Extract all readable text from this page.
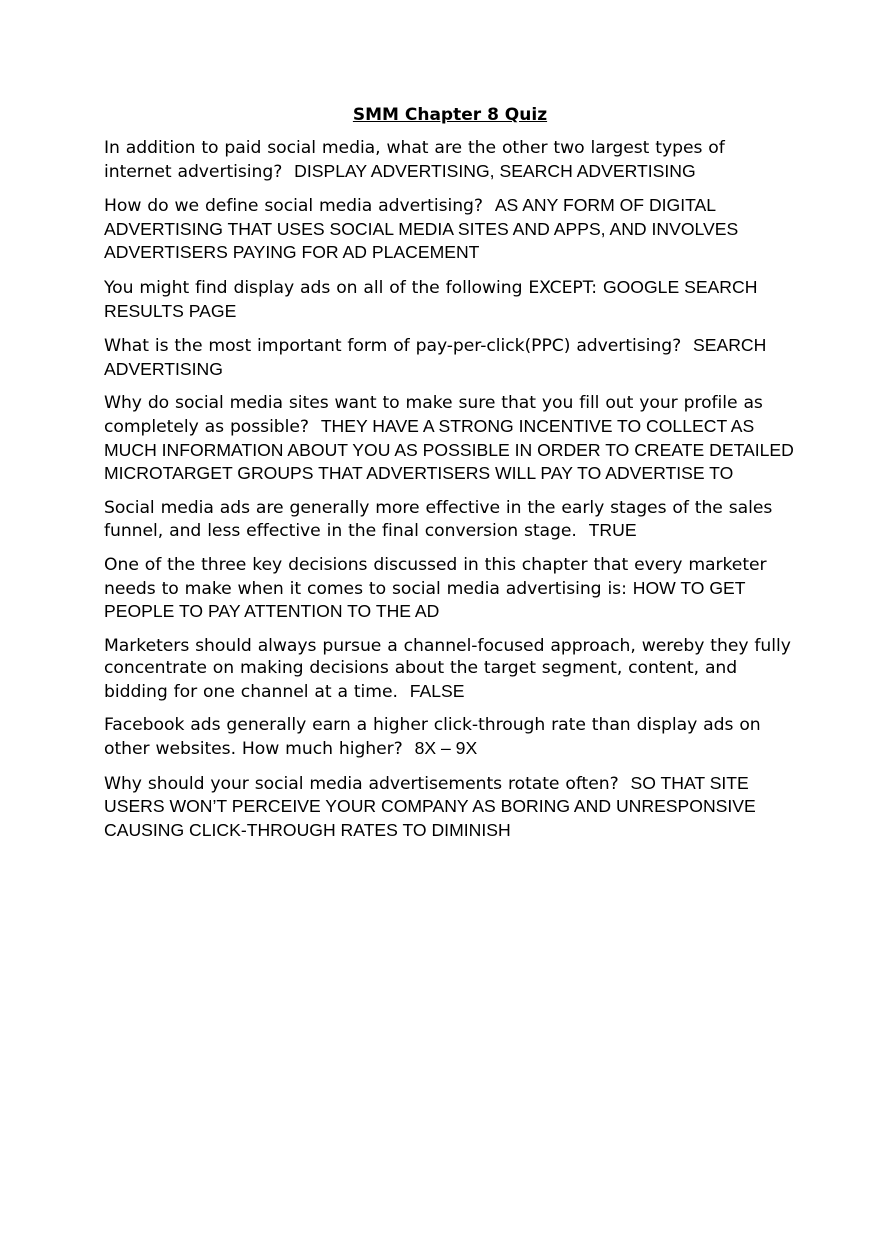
SMM Chapter 8 Quiz

In addition to paid social media, what are the other two largest types of internet advertising? DISPLAY ADVERTISING, SEARCH ADVERTISING

How do we define social media advertising? AS ANY FORM OF DIGITAL ADVERTISING THAT USES SOCIAL MEDIA SITES AND APPS, AND INVOLVES ADVERTISERS PAYING FOR AD PLACEMENT

You might find display ads on all of the following EXCEPT: GOOGLE SEARCH RESULTS PAGE

What is the most important form of pay-per-click(PPC) advertising? SEARCH ADVERTISING

Why do social media sites want to make sure that you fill out your profile as completely as possible? THEY HAVE A STRONG INCENTIVE TO COLLECT AS MUCH INFORMATION ABOUT YOU AS POSSIBLE IN ORDER TO CREATE DETAILED MICROTARGET GROUPS THAT ADVERTISERS WILL PAY TO ADVERTISE TO

Social media ads are generally more effective in the early stages of the sales funnel, and less effective in the final conversion stage. TRUE

One of the three key decisions discussed in this chapter that every marketer needs to make when it comes to social media advertising is: HOW TO GET PEOPLE TO PAY ATTENTION TO THE AD

Marketers should always pursue a channel-focused approach, wereby they fully concentrate on making decisions about the target segment, content, and bidding for one channel at a time. FALSE

Facebook ads generally earn a higher click-through rate than display ads on other websites. How much higher? 8X – 9X

Why should your social media advertisements rotate often? SO THAT SITE USERS WON’T PERCEIVE YOUR COMPANY AS BORING AND UNRESPONSIVE CAUSING CLICK-THROUGH RATES TO DIMINISH
